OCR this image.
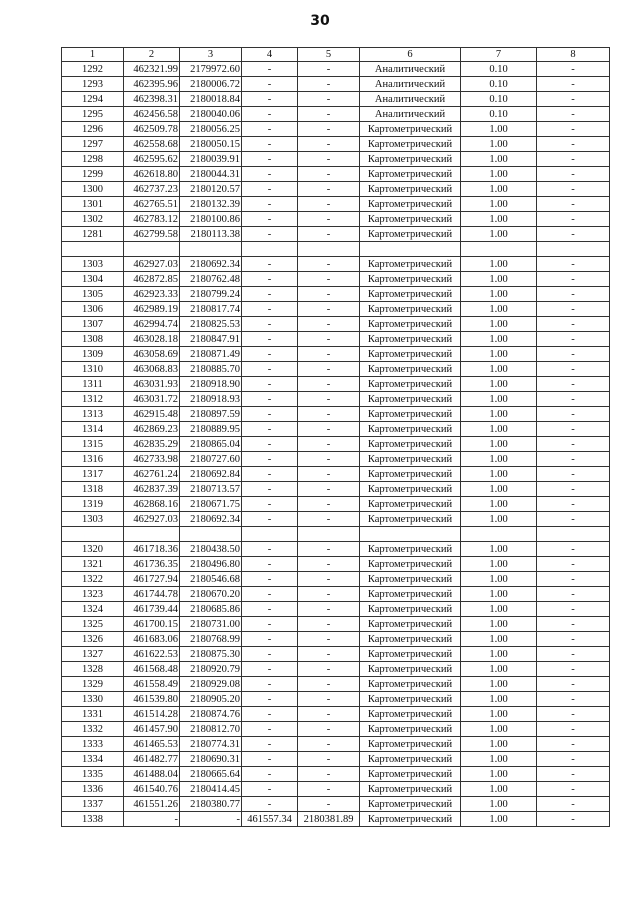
30
1	2	3	4	5	6	7	8
1292	462321.99	2179972.60	-	-	Аналитический	0.10	-
1293	462395.96	2180006.72	-	-	Аналитический	0.10	-
1294	462398.31	2180018.84	-	-	Аналитический	0.10	-
1295	462456.58	2180040.06	-	-	Аналитический	0.10	-
1296	462509.78	2180056.25	-	-	Картометрический	1.00	-
1297	462558.68	2180050.15	-	-	Картометрический	1.00	-
1298	462595.62	2180039.91	-	-	Картометрический	1.00	-
1299	462618.80	2180044.31	-	-	Картометрический	1.00	-
1300	462737.23	2180120.57	-	-	Картометрический	1.00	-
1301	462765.51	2180132.39	-	-	Картометрический	1.00	-
1302	462783.12	2180100.86	-	-	Картометрический	1.00	-
1281	462799.58	2180113.38	-	-	Картометрический	1.00	-

1303	462927.03	2180692.34	-	-	Картометрический	1.00	-
1304	462872.85	2180762.48	-	-	Картометрический	1.00	-
1305	462923.33	2180799.24	-	-	Картометрический	1.00	-
1306	462989.19	2180817.74	-	-	Картометрический	1.00	-
1307	462994.74	2180825.53	-	-	Картометрический	1.00	-
1308	463028.18	2180847.91	-	-	Картометрический	1.00	-
1309	463058.69	2180871.49	-	-	Картометрический	1.00	-
1310	463068.83	2180885.70	-	-	Картометрический	1.00	-
1311	463031.93	2180918.90	-	-	Картометрический	1.00	-
1312	463031.72	2180918.93	-	-	Картометрический	1.00	-
1313	462915.48	2180897.59	-	-	Картометрический	1.00	-
1314	462869.23	2180889.95	-	-	Картометрический	1.00	-
1315	462835.29	2180865.04	-	-	Картометрический	1.00	-
1316	462733.98	2180727.60	-	-	Картометрический	1.00	-
1317	462761.24	2180692.84	-	-	Картометрический	1.00	-
1318	462837.39	2180713.57	-	-	Картометрический	1.00	-
1319	462868.16	2180671.75	-	-	Картометрический	1.00	-
1303	462927.03	2180692.34	-	-	Картометрический	1.00	-

1320	461718.36	2180438.50	-	-	Картометрический	1.00	-
1321	461736.35	2180496.80	-	-	Картометрический	1.00	-
1322	461727.94	2180546.68	-	-	Картометрический	1.00	-
1323	461744.78	2180670.20	-	-	Картометрический	1.00	-
1324	461739.44	2180685.86	-	-	Картометрический	1.00	-
1325	461700.15	2180731.00	-	-	Картометрический	1.00	-
1326	461683.06	2180768.99	-	-	Картометрический	1.00	-
1327	461622.53	2180875.30	-	-	Картометрический	1.00	-
1328	461568.48	2180920.79	-	-	Картометрический	1.00	-
1329	461558.49	2180929.08	-	-	Картометрический	1.00	-
1330	461539.80	2180905.20	-	-	Картометрический	1.00	-
1331	461514.28	2180874.76	-	-	Картометрический	1.00	-
1332	461457.90	2180812.70	-	-	Картометрический	1.00	-
1333	461465.53	2180774.31	-	-	Картометрический	1.00	-
1334	461482.77	2180690.31	-	-	Картометрический	1.00	-
1335	461488.04	2180665.64	-	-	Картометрический	1.00	-
1336	461540.76	2180414.45	-	-	Картометрический	1.00	-
1337	461551.26	2180380.77	-	-	Картометрический	1.00	-
1338	-	-	461557.34	2180381.89	Картометрический	1.00	-
